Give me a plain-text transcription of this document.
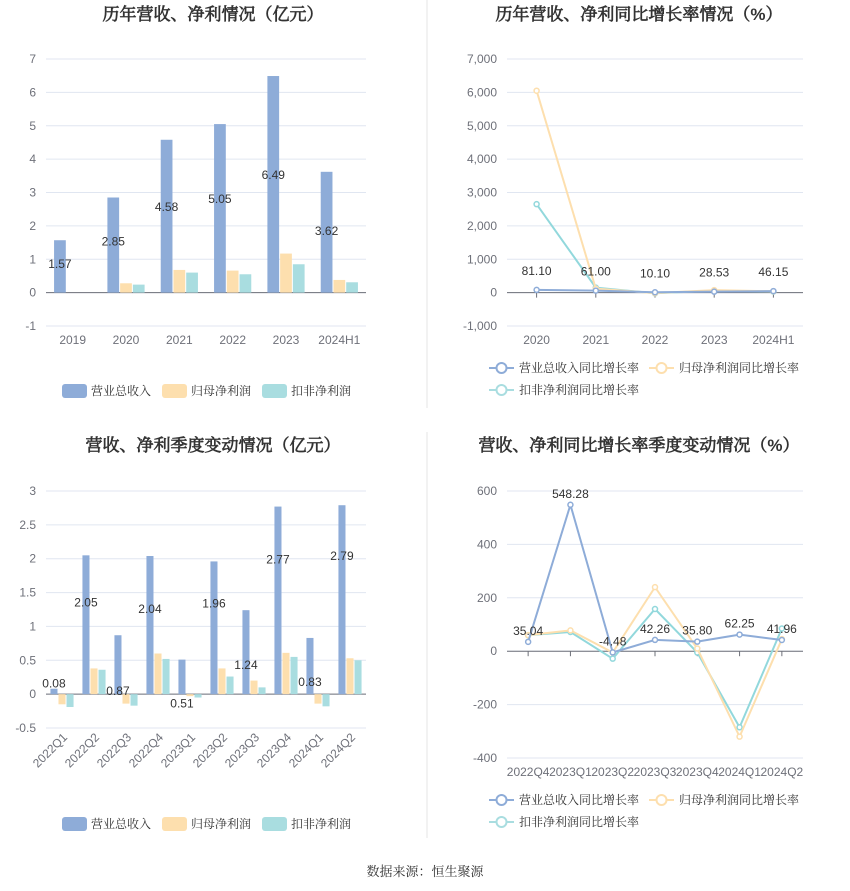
历年营收、净利情况（亿元）	历年营收、净利同比增长率情况（%）
营收、净利季度变动情况（亿元）	营收、净利同比增长率季度变动情况（%）
-1
0
1
2
3
4
5
6
7
1.57
2019
2.85
2020
4.58
2021
5.05
2022
6.49
2023
3.62
2024H1
-1,000
0
1,000
2,000
3,000
4,000
5,000
6,000
7,000
2020	2021	2022	2023 2024H1
81.10 61.00 10.10 28.53 46.15
-0.5
0
0.5
1
1.5
2
2.5
3
0.08
2022Q1
2.05
2022Q2
0.87
2022Q3
2.04
2022Q4
0.51
2023Q1
1.96
2023Q2
1.24
2023Q3
2.77
2023Q4
0.83
2024Q1
2.79
2024Q2	-400
-200
0
200
400
600
2022Q4 2023Q1 2023Q2 2023Q3 2023Q4 2024Q1 2024Q2
35.04
548.28
-4.48
42.26 35.80
62.25 41.96
营业总收入	归母净利润	扣非净利润
营业总收入同比增长率	归母净利润同比增长率
扣非净利润同比增长率
营业总收入	归母净利润	扣非净利润
营业总收入同比增长率	归母净利润同比增长率
扣非净利润同比增长率
数据来源：恒生聚源
